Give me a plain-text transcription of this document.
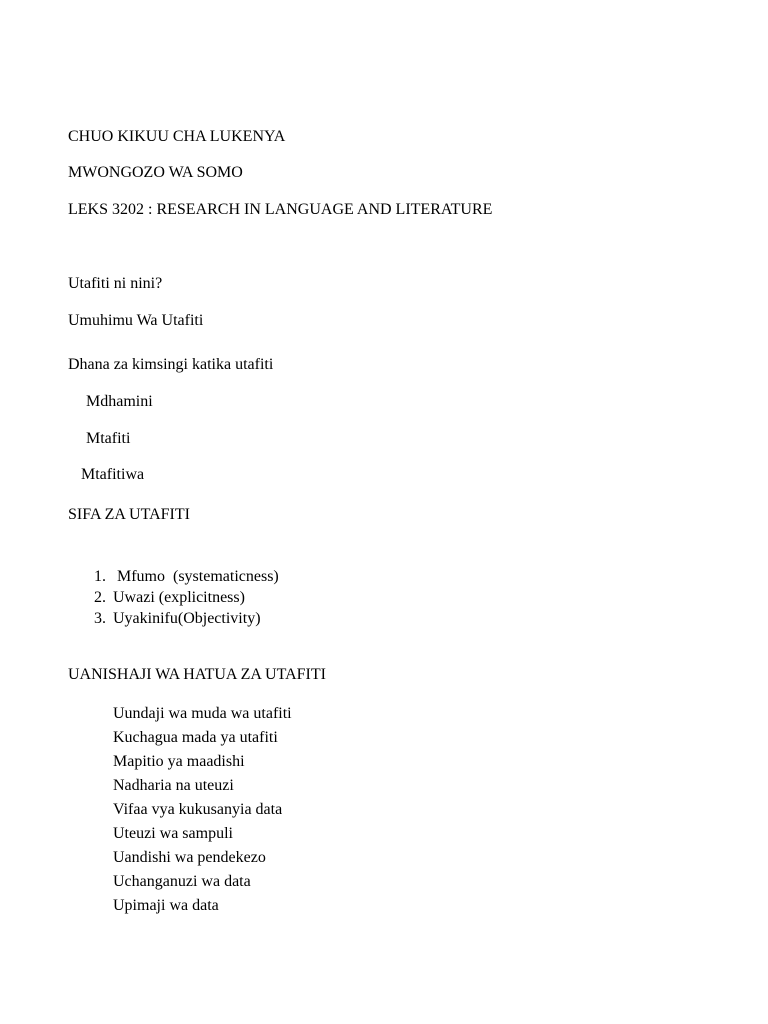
CHUO KIKUU CHA LUKENYA

MWONGOZO WA SOMO

LEKS 3202 : RESEARCH IN LANGUAGE AND LITERATURE

Utafiti ni nini?

Umuhimu Wa Utafiti

Dhana za kimsingi katika utafiti

Mdhamini

Mtafiti

Mtafitiwa

SIFA ZA UTAFITI

1. Mfumo  (systematicness)

2. Uwazi (explicitness)

3. Uyakinifu(Objectivity)

UANISHAJI WA HATUA ZA UTAFITI

Uundaji wa muda wa utafiti

Kuchagua mada ya utafiti

Mapitio ya maadishi

Nadharia na uteuzi

Vifaa vya kukusanyia data

Uteuzi wa sampuli

Uandishi wa pendekezo

Uchanganuzi wa data

Upimaji wa data
